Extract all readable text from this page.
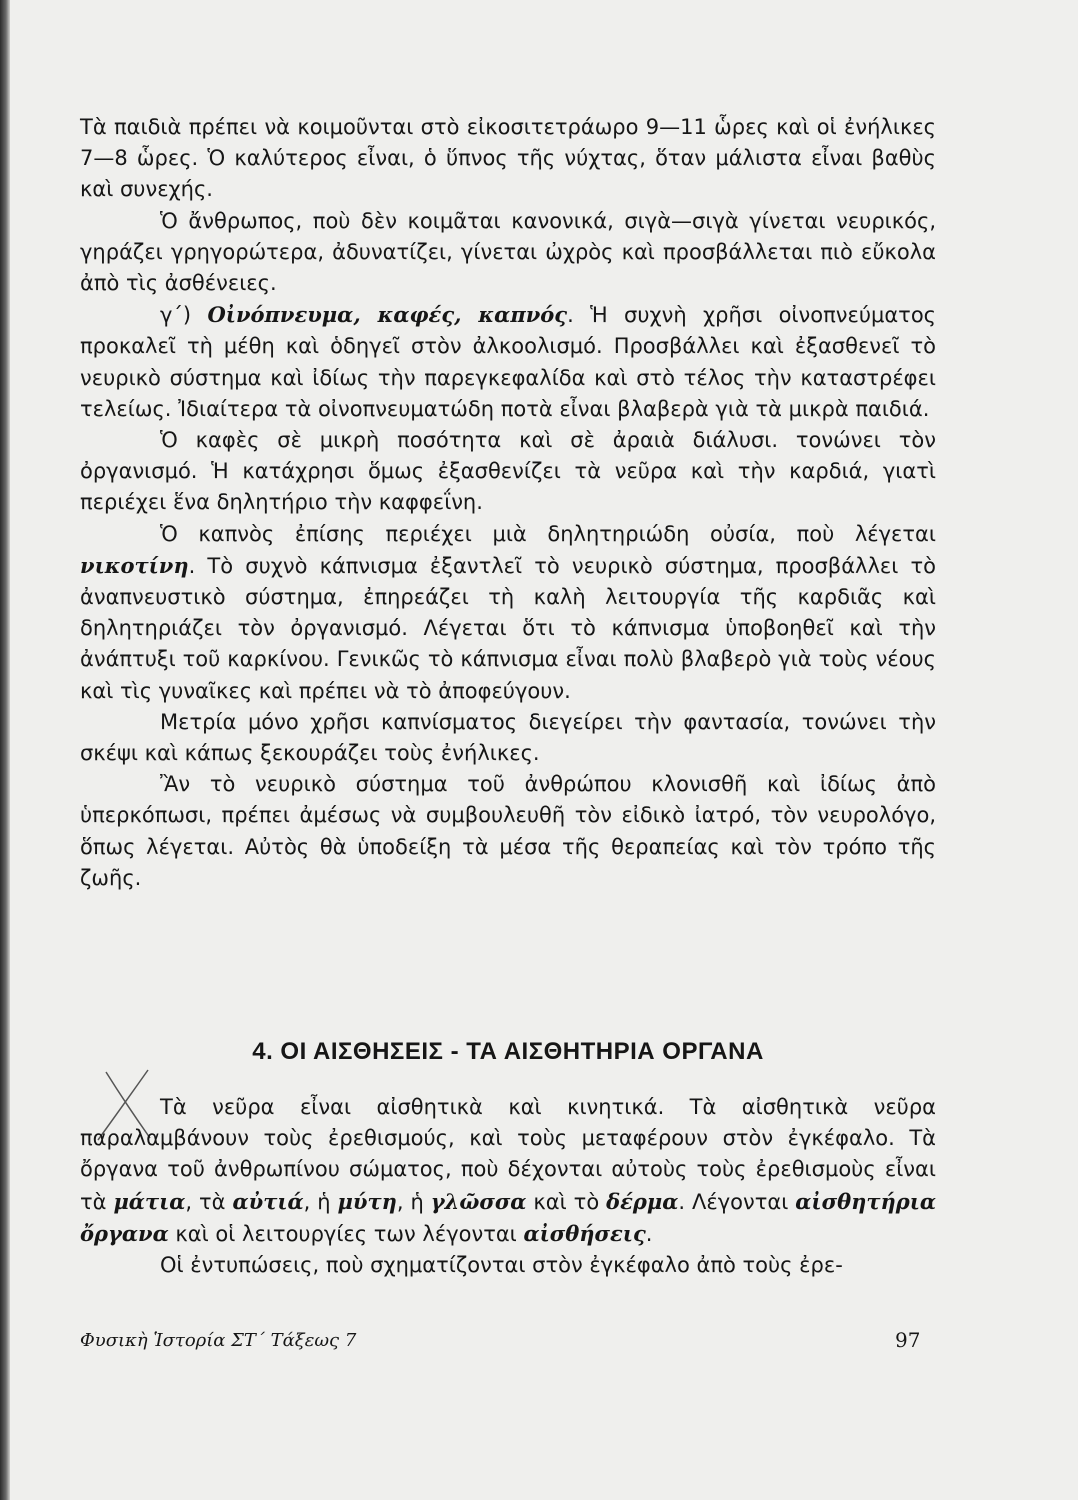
Τὰ παιδιὰ πρέπει νὰ κοιμοῦνται στὸ εἰκοσιτετράωρο 9—11 ὧρες καὶ οἱ ἐνήλικες 7—8 ὧρες. Ὁ καλύτερος εἶναι, ὁ ὕπνος τῆς νύχτας, ὅταν μάλιστα εἶναι βαθὺς καὶ συνεχής.

Ὁ ἄνθρωπος, ποὺ δὲν κοιμᾶται κανονικά, σιγὰ—σιγὰ γίνεται νευρικός, γηράζει γρηγορώτερα, ἀδυνατίζει, γίνεται ὠχρὸς καὶ προσβάλλεται πιὸ εὔκολα ἀπὸ τὶς ἀσθένειες.

γ΄) Οἰνόπνευμα, καφές, καπνός. Ἡ συχνὴ χρῆσι οἰνοπνεύματος προκαλεῖ τὴ μέθη καὶ ὁδηγεῖ στὸν ἀλκοολισμό. Προσβάλλει καὶ ἐξασθενεῖ τὸ νευρικὸ σύστημα καὶ ἰδίως τὴν παρεγκεφαλίδα καὶ στὸ τέλος τὴν καταστρέφει τελείως. Ἰδιαίτερα τὰ οἰνοπνευματώδη ποτὰ εἶναι βλαβερὰ γιὰ τὰ μικρὰ παιδιά.

Ὁ καφὲς σὲ μικρὴ ποσότητα καὶ σὲ ἀραιὰ διάλυσι. τονώνει τὸν ὀργανισμό. Ἡ κατάχρησι ὅμως ἐξασθενίζει τὰ νεῦρα καὶ τὴν καρδιά, γιατὶ περιέχει ἕνα δηλητήριο τὴν καφφεΐνη.

Ὁ καπνὸς ἐπίσης περιέχει μιὰ δηλητηριώδη οὐσία, ποὺ λέγεται νικοτίνη. Τὸ συχνὸ κάπνισμα ἐξαντλεῖ τὸ νευρικὸ σύστημα, προσβάλλει τὸ ἀναπνευστικὸ σύστημα, ἐπηρεάζει τὴ καλὴ λειτουργία τῆς καρδιᾶς καὶ δηλητηριάζει τὸν ὀργανισμό. Λέγεται ὅτι τὸ κάπνισμα ὑποβοηθεῖ καὶ τὴν ἀνάπτυξι τοῦ καρκίνου. Γενικῶς τὸ κάπνισμα εἶναι πολὺ βλαβερὸ γιὰ τοὺς νέους καὶ τὶς γυναῖκες καὶ πρέπει νὰ τὸ ἀποφεύγουν.

Μετρία μόνο χρῆσι καπνίσματος διεγείρει τὴν φαντασία, τονώνει τὴν σκέψι καὶ κάπως ξεκουράζει τοὺς ἐνήλικες.

Ἂν τὸ νευρικὸ σύστημα τοῦ ἀνθρώπου κλονισθῆ καὶ ἰδίως ἀπὸ ὑπερκόπωσι, πρέπει ἀμέσως νὰ συμβουλευθῆ τὸν εἰδικὸ ἰατρό, τὸν νευρολόγο, ὅπως λέγεται. Αὐτὸς θὰ ὑποδείξη τὰ μέσα τῆς θεραπείας καὶ τὸν τρόπο τῆς ζωῆς.

4. ΟΙ ΑΙΣΘΗΣΕΙΣ - ΤΑ ΑΙΣΘΗΤΗΡΙΑ ΟΡΓΑΝΑ

Τὰ νεῦρα εἶναι αἰσθητικὰ καὶ κινητικά. Τὰ αἰσθητικὰ νεῦρα παραλαμβάνουν τοὺς ἐρεθισμούς, καὶ τοὺς μεταφέρουν στὸν ἐγκέφαλο. Τὰ ὄργανα τοῦ ἀνθρωπίνου σώματος, ποὺ δέχονται αὐτοὺς τοὺς ἐρεθισμοὺς εἶναι τὰ μάτια, τὰ αὐτιά, ἡ μύτη, ἡ γλῶσσα καὶ τὸ δέρμα. Λέγονται αἰσθητήρια ὄργανα καὶ οἱ λειτουργίες των λέγονται αἰσθήσεις.

Οἱ ἐντυπώσεις, ποὺ σχηματίζονται στὸν ἐγκέφαλο ἀπὸ τοὺς ἐρε-

Φυσικὴ Ἱστορία ΣΤ΄ Τάξεως 7	97
